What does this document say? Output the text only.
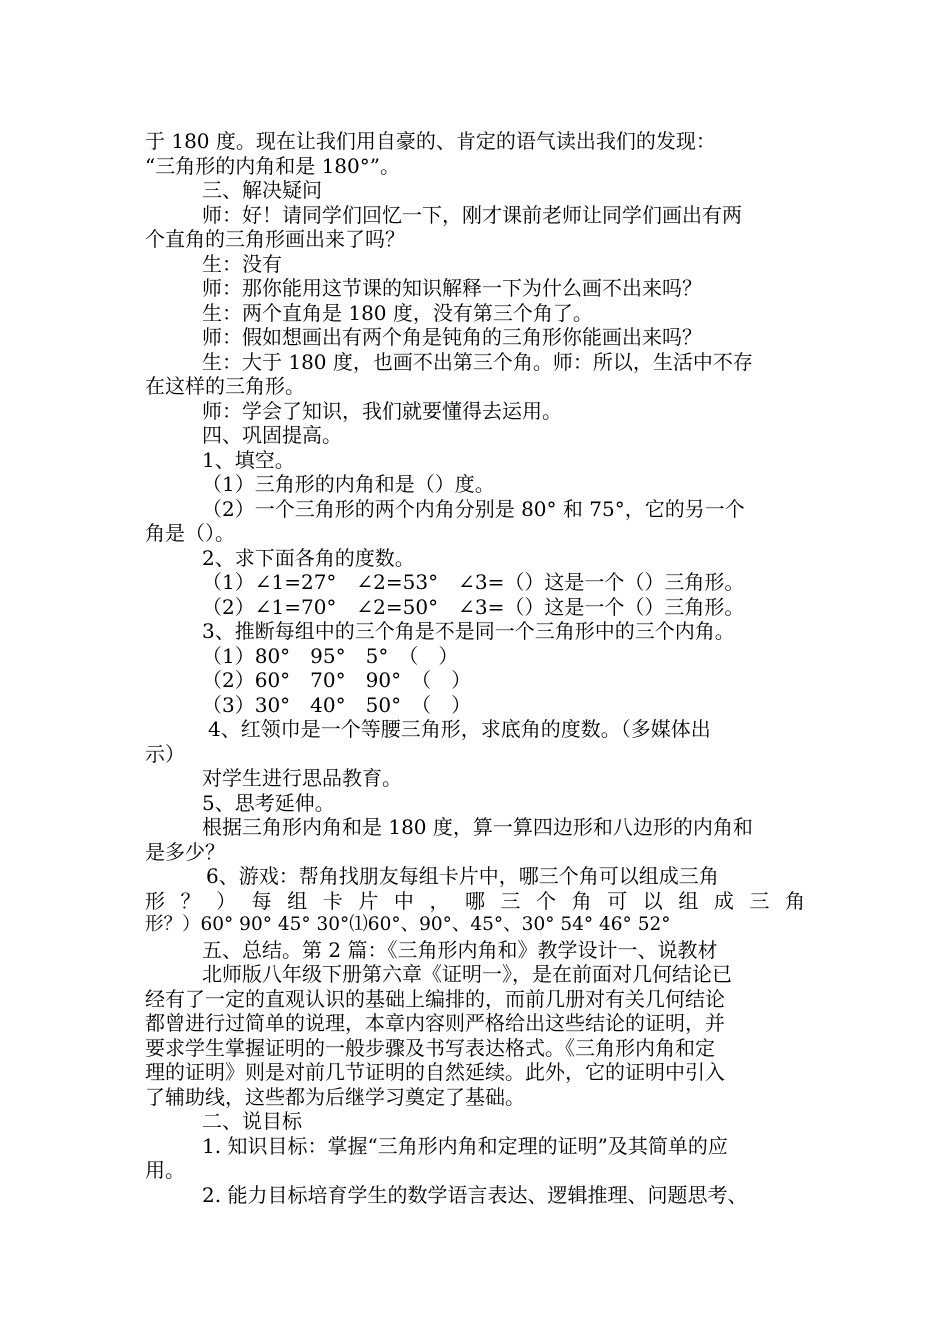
于 180 度。现在让我们用自豪的、肯定的语气读出我们的发现：
“三角形的内角和是 180°”。
三、解决疑问
师：好！请同学们回忆一下，刚才课前老师让同学们画出有两
个直角的三角形画出来了吗？
生：没有
师：那你能用这节课的知识解释一下为什么画不出来吗？
生：两个直角是 180 度，没有第三个角了。
师：假如想画出有两个角是钝角的三角形你能画出来吗？
生：大于 180 度，也画不出第三个角。师：所以，生活中不存
在这样的三角形。
师：学会了知识，我们就要懂得去运用。
四、巩固提高。
1、填空。
（1）三角形的内角和是（）度。
（2）一个三角形的两个内角分别是 80° 和 75°，它的另一个
角是（）。
2、求下面各角的度数。
（1）∠1=27°　∠2=53°　∠3=（）这是一个（）三角形。
（2）∠1=70°　∠2=50°　∠3=（）这是一个（）三角形。
3、推断每组中的三个角是不是同一个三角形中的三个内角。
（1）80°　95°　5°　（　）
（2）60°　70°　90°　（　）
（3）30°　40°　50°　（　）
4、红领巾是一个等腰三角形，求底角的度数。（多媒体出
示）
对学生进行思品教育。
5、思考延伸。
根据三角形内角和是 180 度，算一算四边形和八边形的内角和
是多少？
6、游戏：帮角找朋友每组卡片中，哪三个角可以组成三角
形？）每组卡片中，哪三个角可以组成三角
形？）60° 90° 45° 30°⑴60°、90°、45°、30° 54° 46° 52°
五、总结。第 2 篇：《三角形内角和》教学设计一、说教材
北师版八年级下册第六章《证明一》，是在前面对几何结论已
经有了一定的直观认识的基础上编排的，而前几册对有关几何结论
都曾进行过简单的说理，本章内容则严格给出这些结论的证明，并
要求学生掌握证明的一般步骤及书写表达格式。《三角形内角和定
理的证明》则是对前几节证明的自然延续。此外，它的证明中引入
了辅助线，这些都为后继学习奠定了基础。
二、说目标
1. 知识目标：掌握“三角形内角和定理的证明”及其简单的应
用。
2. 能力目标培育学生的数学语言表达、逻辑推理、问题思考、
